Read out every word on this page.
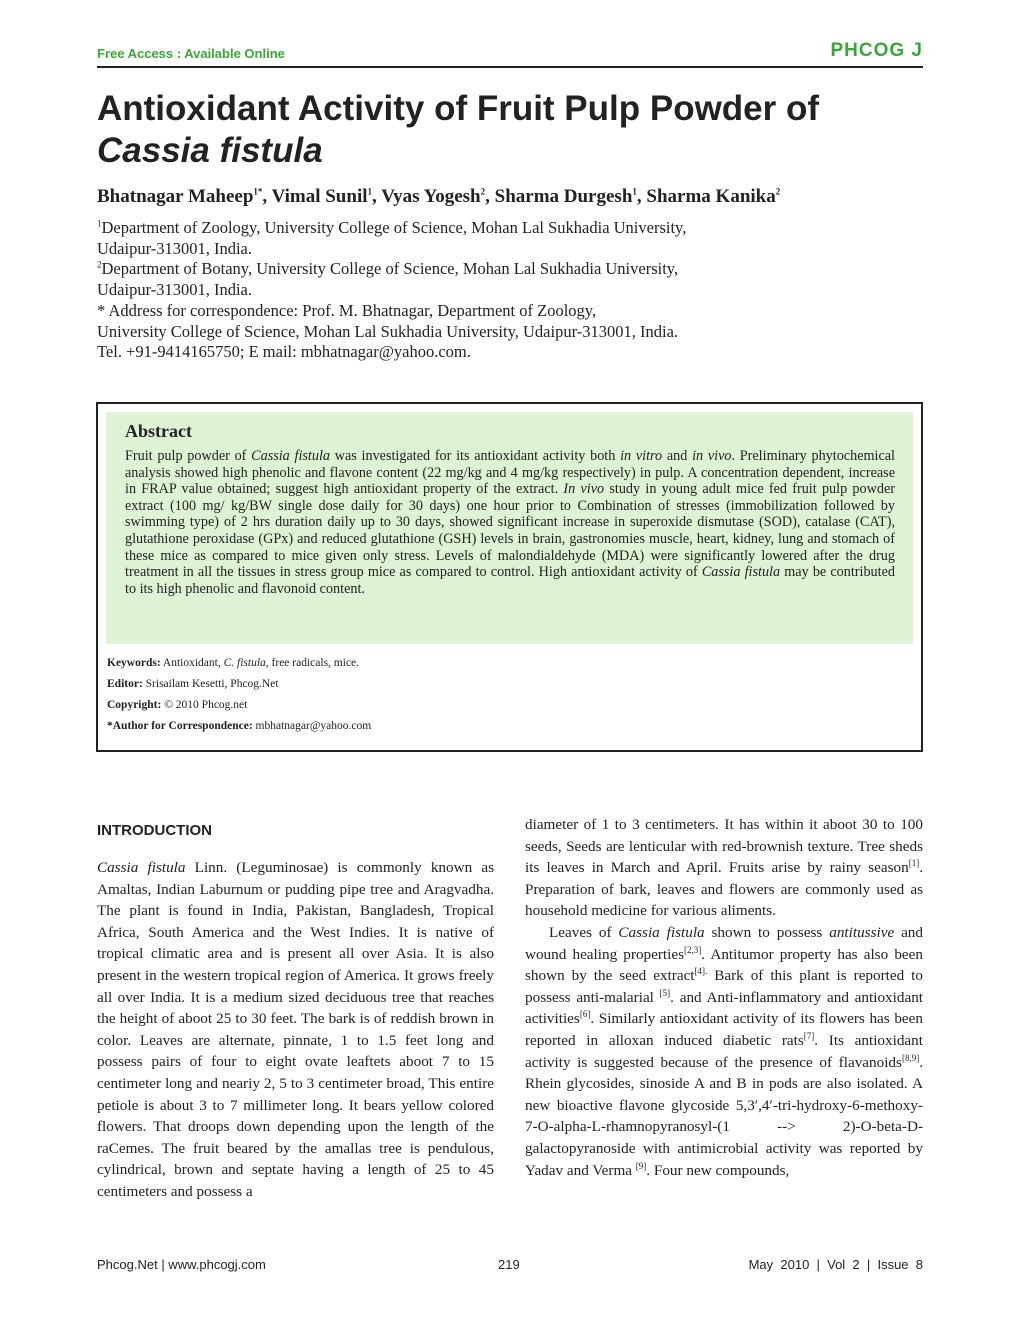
Free Access : Available Online	PHCOG J
Antioxidant Activity of Fruit Pulp Powder of
Cassia fistula
Bhatnagar Maheep$^{1*}$, Vimal Sunil$^1$, Vyas Yogesh$^2$, Sharma Durgesh$^1$, Sharma Kanika$^2$

$^1$Department of Zoology, University College of Science, Mohan Lal Sukhadia University,

Udaipur-313001, India.

$^2$Department of Botany, University College of Science, Mohan Lal Sukhadia University,

Udaipur-313001, India.

* Address for correspondence: Prof. M. Bhatnagar, Department of Zoology,

University College of Science, Mohan Lal Sukhadia University, Udaipur-313001, India.

Tel. +91-9414165750; E mail: mbhatnagar@yahoo.com.

Abstract
Fruit pulp powder of Cassia fistula was investigated for its antioxidant activity both in vitro and in vivo. Preliminary phytochemical analysis showed high phenolic and flavone content (22 mg/kg and 4 mg/kg respectively) in pulp. A concentration dependent, increase in FRAP value obtained; suggest high antioxidant property of the extract. In vivo study in young adult mice fed fruit pulp powder extract (100 mg/ kg/BW single dose daily for 30 days) one hour prior to Combination of stresses (immobilization followed by swimming type) of 2 hrs duration daily up to 30 days, showed significant increase in superoxide dismutase (SOD), catalase (CAT), glutathione peroxidase (GPx) and reduced glutathione (GSH) levels in brain, gastronomies muscle, heart, kidney, lung and stomach of these mice as compared to mice given only stress. Levels of malondialdehyde (MDA) were significantly lowered after the drug treatment in all the tissues in stress group mice as compared to control. High antioxidant activity of Cassia fistula may be contributed to its high phenolic and flavonoid content.
Keywords: Antioxidant, C. fistula, free radicals, mice.
Editor: Srisailam Kesetti, Phcog.Net
Copyright: © 2010 Phcog.net
*Author for Correspondence: mbhatnagar@yahoo.com
INTRODUCTION

Cassia fistula Linn. (Leguminosae) is commonly known as Amaltas, Indian Laburnum or pudding pipe tree and Aragvadha. The plant is found in India, Pakistan, Bangladesh, Tropical Africa, South America and the West Indies. It is native of tropical climatic area and is present all over Asia. It is also present in the western tropical region of America. It grows freely all over India. It is a medium sized deciduous tree that reaches the height of aboot 25 to 30 feet. The bark is of reddish brown in color. Leaves are alternate, pinnate, 1 to 1.5 feet long and possess pairs of four to eight ovate leaftets aboot 7 to 15 centimeter long and neariy 2, 5 to 3 centimeter broad, This entire petiole is about 3 to 7 millimeter long. It bears yellow colored flowers. That droops down depending upon the length of the raCemes. The fruit beared by the amallas tree is pendulous, cylindrical, brown and septate having a length of 25 to 45 centimeters and possess a

diameter of 1 to 3 centimeters. It has within it aboot 30 to 100 seeds, Seeds are lenticular with red-brownish texture. Tree sheds its leaves in March and April. Fruits arise by rainy season[1]. Preparation of bark, leaves and flowers are commonly used as household medicine for various aliments.

Leaves of Cassia fistula shown to possess antitussive and wound healing properties[2,3]. Antitumor property has also been shown by the seed extract$^{[4].}$ Bark of this plant is reported to possess anti-malarial [5]. and Anti-inflammatory and antioxidant activities[6]. Similarly antioxidant activity of its flowers has been reported in alloxan induced diabetic rats[7]. Its antioxidant activity is suggested because of the presence of flavanoids[8,9]. Rhein glycosides, sinoside A and B in pods are also isolated. A new bioactive flavone glycoside 5,3′,4′-tri-hydroxy-6-methoxy-7-O-alpha-L-rhamnopyranosyl-(1 --> 2)-O-beta-D-galactopyranoside with antimicrobial activity was reported by Yadav and Verma [9]. Four new compounds,

Phcog.Net | www.phcogj.com	219	May  2010  |  Vol  2  |  Issue  8
